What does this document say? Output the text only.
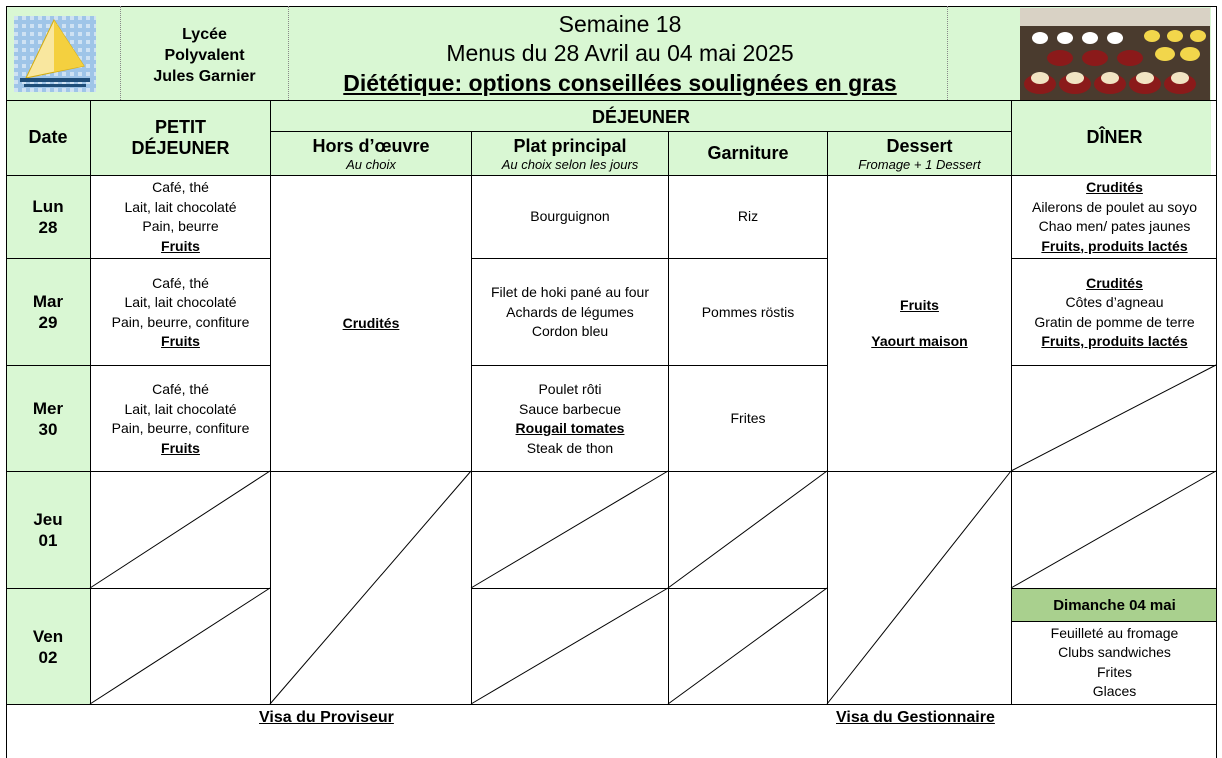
Lycée
Polyvalent
Jules Garnier
Semaine 18
Menus du 28 Avril au 04 mai 2025
Diététique: options conseillées soulignées en gras
Date
PETIT
DÉJEUNER
DÉJEUNER
Hors d’œuvre
Au choix
Plat principal
Au choix selon les jours
Garniture	Dessert
Fromage + 1 Dessert
DÎNER
Lun
28
Mar
29
Mer
30
Jeu
01
Ven
02
Café, thé
Lait, lait chocolaté
Pain, beurre
Fruits
Café, thé
Lait, lait chocolaté
Pain, beurre, confiture
Fruits
Café, thé
Lait, lait chocolaté
Pain, beurre, confiture
Fruits
Crudités
Bourguignon
Filet de hoki pané au four
Achards de légumes
Cordon bleu
Poulet rôti
Sauce barbecue
Rougail tomates
Steak de thon
Riz
Pommes röstis
Frites
Fruits
Yaourt maison
Crudités
Ailerons de poulet au soyo
Chao men/ pates jaunes
Fruits, produits lactés
Crudités
Côtes d’agneau
Gratin de pomme de terre
Fruits, produits lactés
Dimanche 04 mai
Feuilleté au fromage
Clubs sandwiches
Frites
Glaces
Visa du Proviseur	Visa du Gestionnaire
